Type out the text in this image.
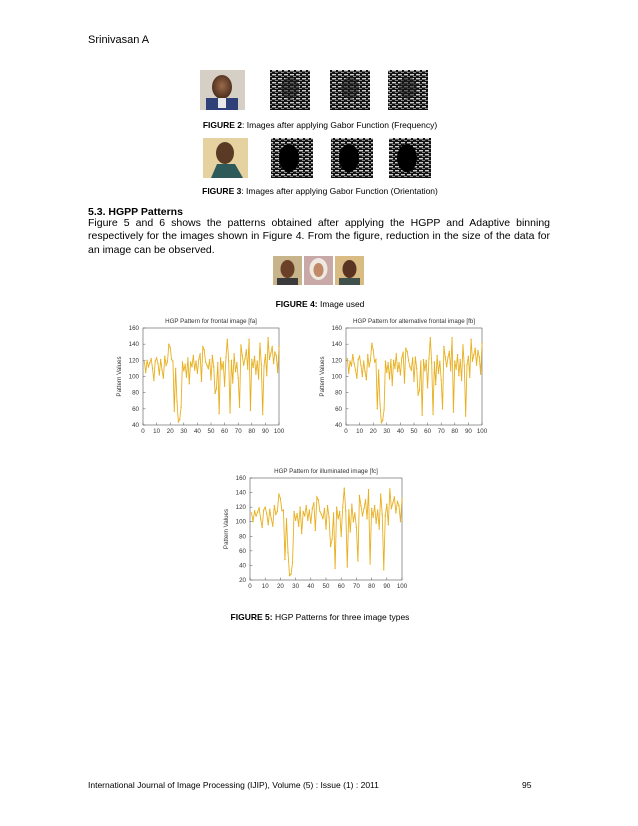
Srinivasan A
FIGURE 2: Images after applying Gabor Function (Frequency)
FIGURE 3: Images after applying Gabor Function (Orientation)
5.3. HGPP Patterns
Figure 5 and 6 shows the patterns obtained after applying the HGPP and Adaptive binning respectively for the images shown in Figure 4. From the figure, reduction in the size of the data for an image can be observed.
FIGURE 4: Image used
HGP Pattern for frontal image [fa]
40
60
80
100
120
140
160
0 10 20 30 40 50 60 70 80 90 100
Pattern Values
HGP Pattern for alternative frontal image [fb]
40
60
80
100
120
140
160
0 10 20 30 40 50 60 70 80 90 100
Pattern Values
HGP Pattern for illuminated image [fc]
20
40
60
80
100
120
140
160
0 10 20 30 40 50 60 70 80 90 100
Pattern Values
FIGURE 5: HGP Patterns for three image types
International Journal of Image Processing (IJIP), Volume (5) : Issue (1) : 2011	95
